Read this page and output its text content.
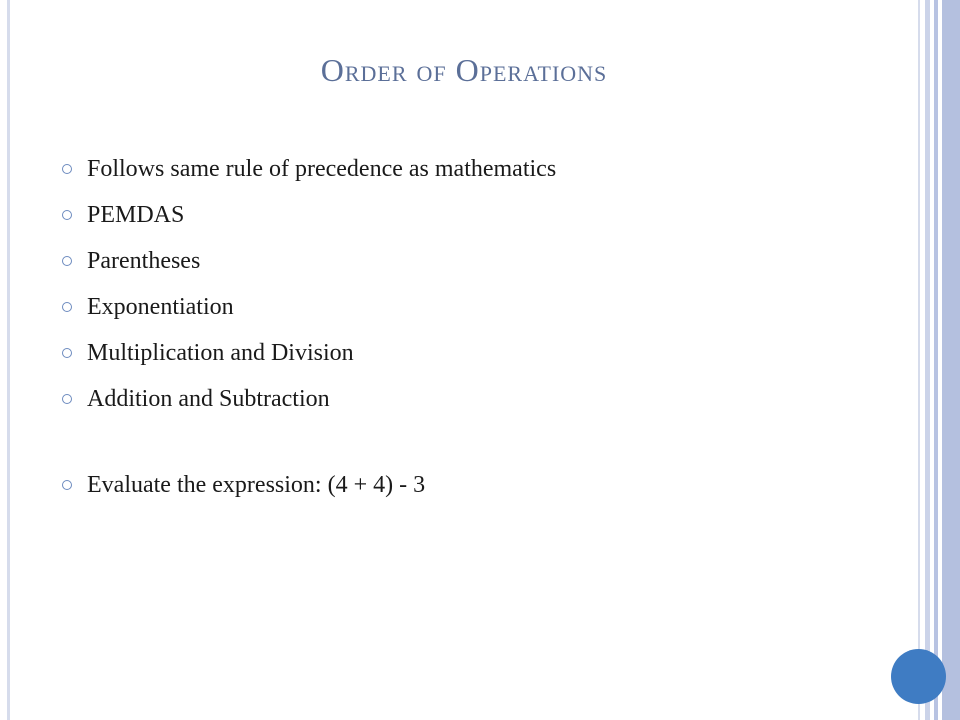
Order of Operations
Follows same rule of precedence as mathematics
PEMDAS
Parentheses
Exponentiation
Multiplication and Division
Addition and Subtraction
Evaluate the expression: (4 + 4) - 3
